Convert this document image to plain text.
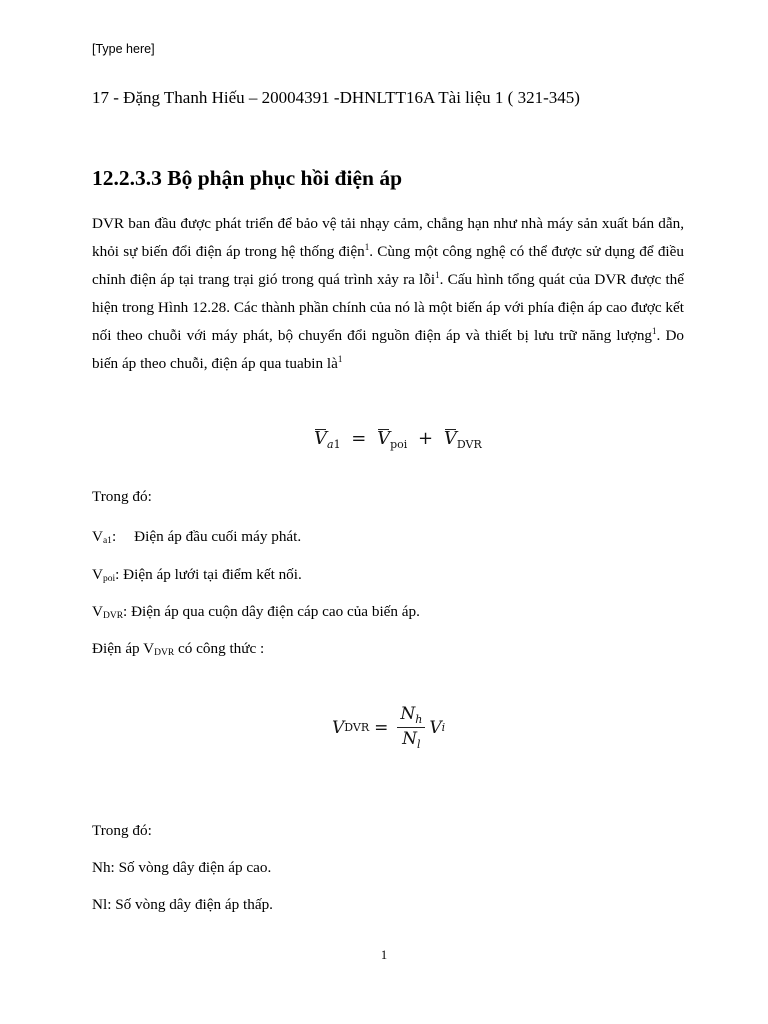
[Type here]
17 - Đặng Thanh Hiếu – 20004391 -DHNLTT16A Tài liệu 1 ( 321-345)
12.2.3.3 Bộ phận phục hồi điện áp
DVR ban đầu được phát triển để bảo vệ tải nhạy cảm, chẳng hạn như nhà máy sản xuất bán dẫn, khỏi sự biến đổi điện áp trong hệ thống điện$^1$. Cùng một công nghệ có thể được sử dụng để điều chỉnh điện áp tại trang trại gió trong quá trình xảy ra lỗi$^1$. Cấu hình tổng quát của DVR được thể hiện trong Hình 12.28. Các thành phần chính của nó là một biến áp với phía điện áp cao được kết nối theo chuỗi với máy phát, bộ chuyển đổi nguồn điện áp và thiết bị lưu trữ năng lượng$^1$. Do biến áp theo chuỗi, điện áp qua tuabin $là^1$
$V_{a1} = V_{poi} + V_{DVR}$
Trong đó:
$V_{a1}$: Điện áp đầu cuối máy phát.
$V_{poi}$: Điện áp lưới tại điểm kết nối.
$V_{DVR}$: Điện áp qua cuộn dây điện cáp cao của biến áp.
Điện áp $V_{DVR}$ có công thức :
V DVR = $\frac{N_h}{N_l}$ V i
Trong đó:
Nh: Số vòng dây điện áp cao.
Nl: Số vòng dây điện áp thấp.
1
